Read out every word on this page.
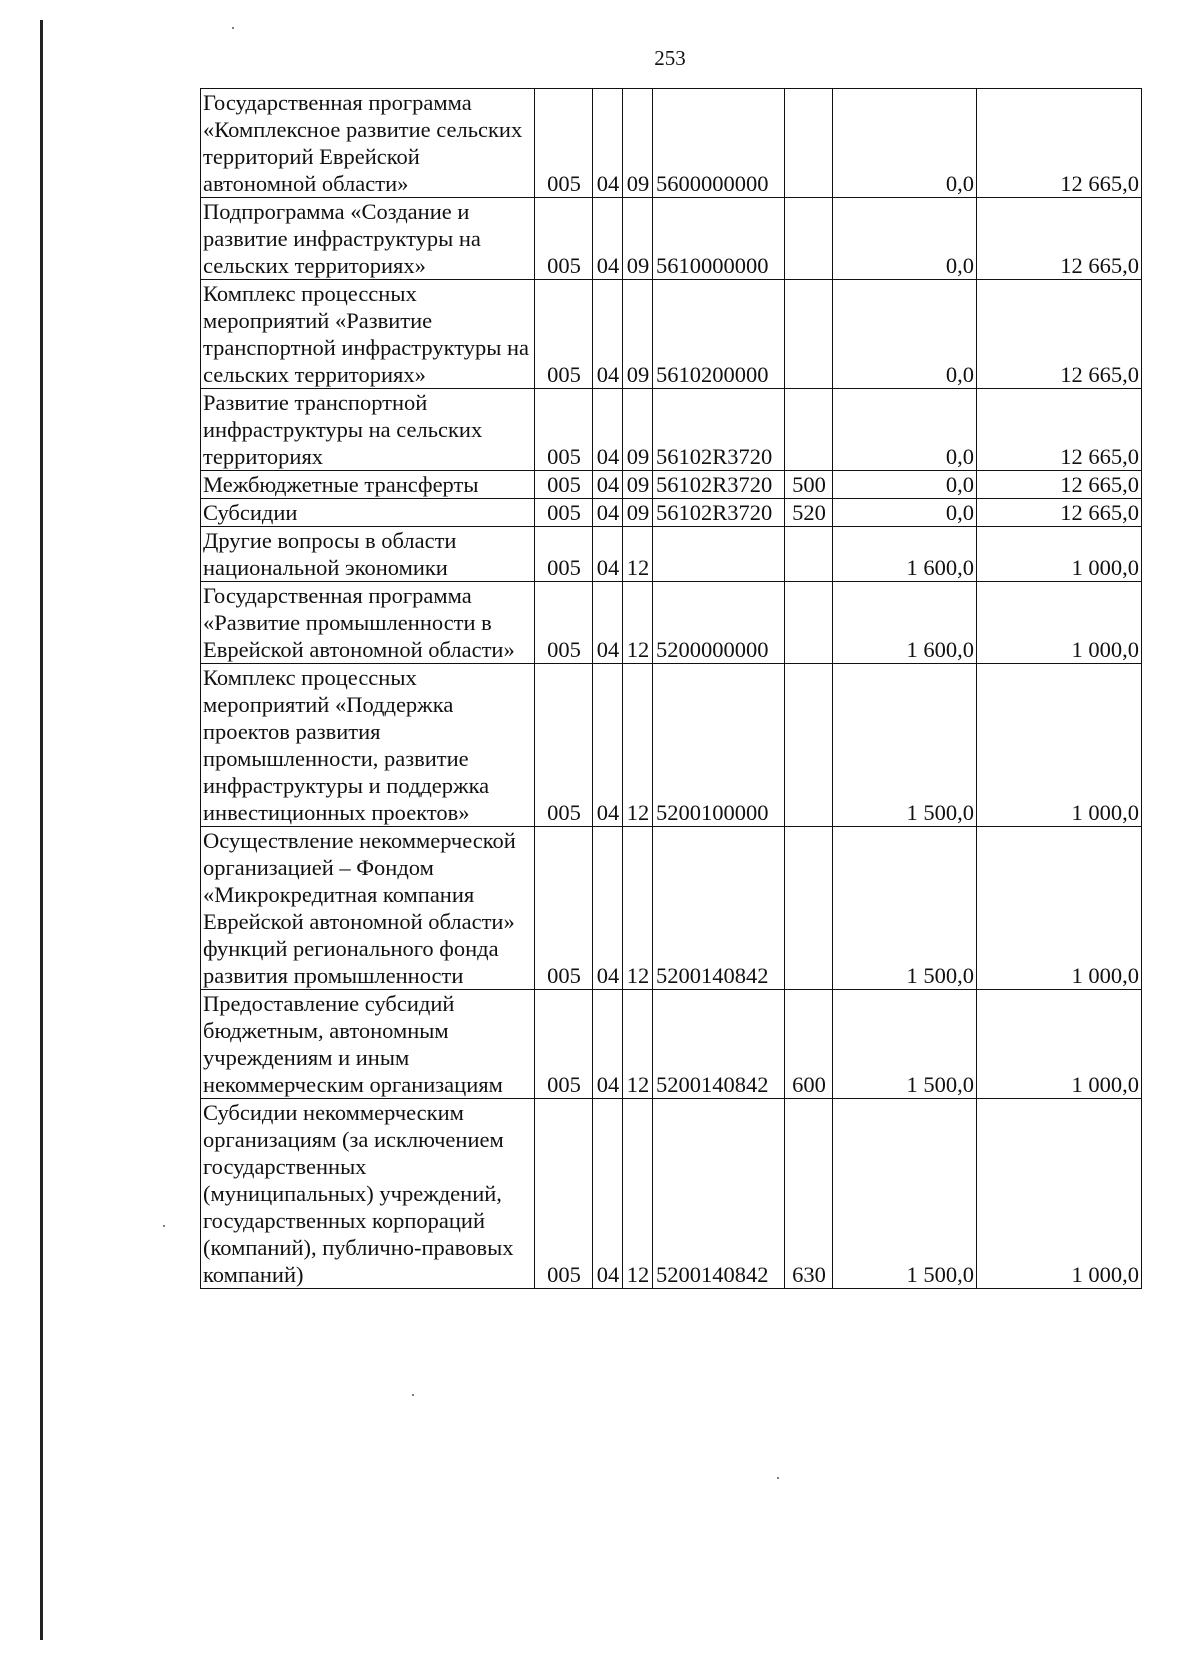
253
Государственная программа «Комплексное развитие сельских территорий Еврейской автономной области»	005	04	09	5600000000		0,0	12 665,0
Подпрограмма «Создание и развитие инфраструктуры на сельских территориях»	005	04	09	5610000000		0,0	12 665,0
Комплекс процессных мероприятий «Развитие транспортной инфраструктуры на сельских территориях»	005	04	09	5610200000		0,0	12 665,0
Развитие транспортной инфраструктуры на сельских территориях	005	04	09	56102R3720		0,0	12 665,0
Межбюджетные трансферты	005	04	09	56102R3720	500	0,0	12 665,0
Субсидии	005	04	09	56102R3720	520	0,0	12 665,0
Другие вопросы в области национальной экономики	005	04	12			1 600,0	1 000,0
Государственная программа «Развитие промышленности в Еврейской автономной области»	005	04	12	5200000000		1 600,0	1 000,0
Комплекс процессных мероприятий «Поддержка проектов развития промышленности, развитие инфраструктуры и поддержка инвестиционных проектов»	005	04	12	5200100000		1 500,0	1 000,0
Осуществление некоммерческой организацией – Фондом «Микрокредитная компания Еврейской автономной области» функций регионального фонда развития промышленности	005	04	12	5200140842		1 500,0	1 000,0
Предоставление субсидий бюджетным, автономным учреждениям и иным некоммерческим организациям	005	04	12	5200140842	600	1 500,0	1 000,0
Субсидии некоммерческим организациям (за исключением государственных (муниципальных) учреждений, государственных корпораций (компаний), публично-правовых компаний)	005	04	12	5200140842	630	1 500,0	1 000,0
